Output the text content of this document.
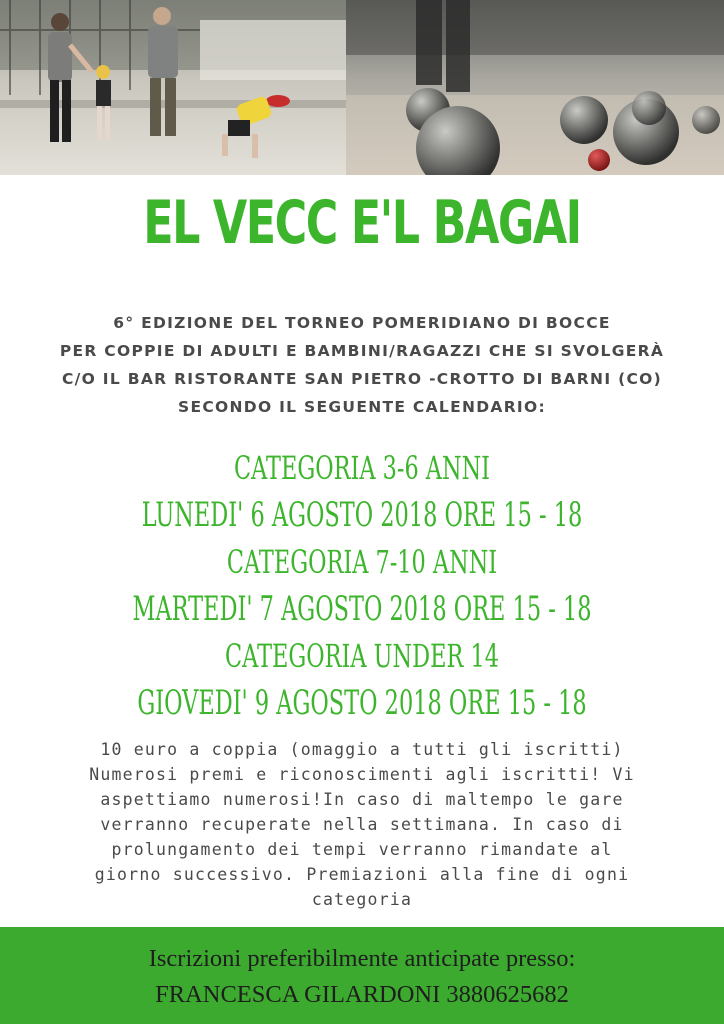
EL VECC E'L BAGAI
6° EDIZIONE DEL TORNEO POMERIDIANO DI BOCCE
PER COPPIE DI ADULTI E BAMBINI/RAGAZZI CHE SI SVOLGERÀ
C/O IL BAR RISTORANTE SAN PIETRO -CROTTO DI BARNI (CO)
SECONDO IL SEGUENTE CALENDARIO:
CATEGORIA 3-6 ANNI
LUNEDI' 6 AGOSTO 2018 ORE 15 - 18
CATEGORIA 7-10 ANNI
MARTEDI' 7 AGOSTO 2018 ORE 15 - 18
CATEGORIA UNDER 14
GIOVEDI' 9 AGOSTO 2018 ORE 15 - 18
10 euro a coppia (omaggio a tutti gli iscritti)
Numerosi premi e riconoscimenti agli iscritti! Vi
aspettiamo numerosi!In caso di maltempo le gare
verranno recuperate nella settimana. In caso di
prolungamento dei tempi verranno rimandate al
giorno successivo. Premiazioni alla fine di ogni
categoria
Iscrizioni preferibilmente anticipate presso:
FRANCESCA GILARDONI 3880625682
